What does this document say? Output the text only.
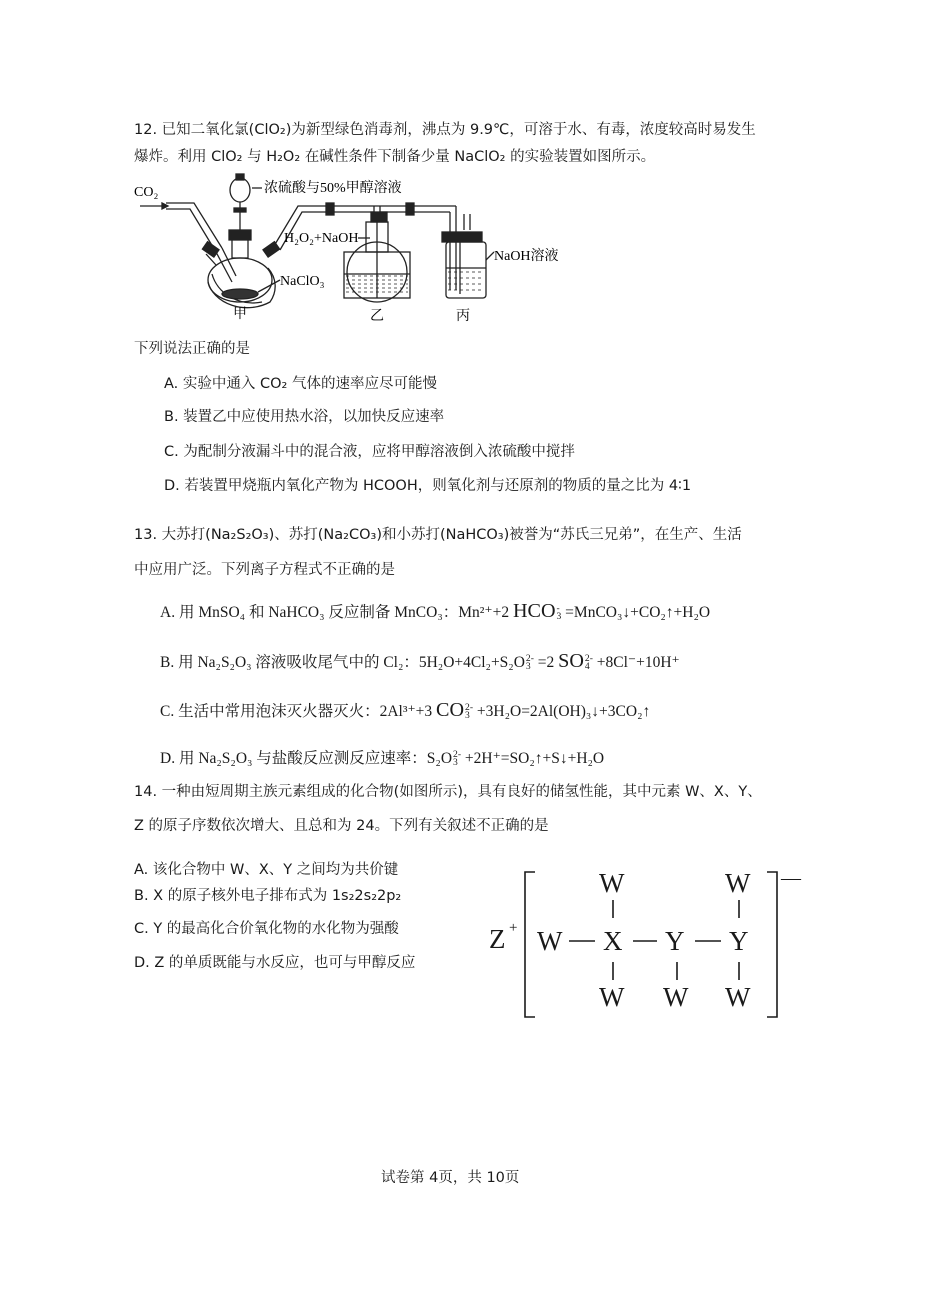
12. 已知二氧化氯(ClO₂)为新型绿色消毒剂，沸点为 9.9℃，可溶于水、有毒，浓度较高时易发生
爆炸。利用 ClO₂ 与 H₂O₂ 在碱性条件下制备少量 NaClO₂ 的实验装置如图所示。
CO₂	浓硫酸与50%甲醇溶液
H₂O₂+NaOH
NaClO₃
NaOH溶液
甲	乙	丙
下列说法正确的是
A. 实验中通入 CO₂ 气体的速率应尽可能慢
B. 装置乙中应使用热水浴，以加快反应速率
C. 为配制分液漏斗中的混合液，应将甲醇溶液倒入浓硫酸中搅拌
D. 若装置甲烧瓶内氧化产物为 HCOOH，则氧化剂与还原剂的物质的量之比为 4∶1
13. 大苏打(Na₂S₂O₃)、苏打(Na₂CO₃)和小苏打(NaHCO₃)被誉为“苏氏三兄弟”，在生产、生活
中应用广泛。下列离子方程式不正确的是
A. 用 MnSO₄ 和 NaHCO₃ 反应制备 MnCO₃：Mn²⁺+2 HCO-
3 =MnCO₃↓+CO₂↑+H₂O
B. 用 Na₂S₂O₃ 溶液吸收尾气中的 Cl₂：5H₂O+4Cl₂+S₂O2-
3 =2 SO2-
4 +8Cl⁻+10H⁺
C. 生活中常用泡沫灭火器灭火：2Al³⁺+3 CO2-
3 +3H₂O=2Al(OH)₃↓+3CO₂↑
D. 用 Na₂S₂O₃ 与盐酸反应测反应速率：S₂O2-
3 +2H⁺=SO₂↑+S↓+H₂O
14. 一种由短周期主族元素组成的化合物(如图所示)，具有良好的储氢性能，其中元素 W、X、Y、
Z 的原子序数依次增大、且总和为 24。下列有关叙述不正确的是
A. 该化合物中 W、X、Y 之间均为共价键
B. X 的原子核外电子排布式为 1s₂2s₂2p₂
C. Y 的最高化合价氧化物的水化物为强酸
D. Z 的单质既能与水反应，也可与甲醇反应
Z + W X Y Y
W	W
W W W
—
试卷第 4页，共 10页
